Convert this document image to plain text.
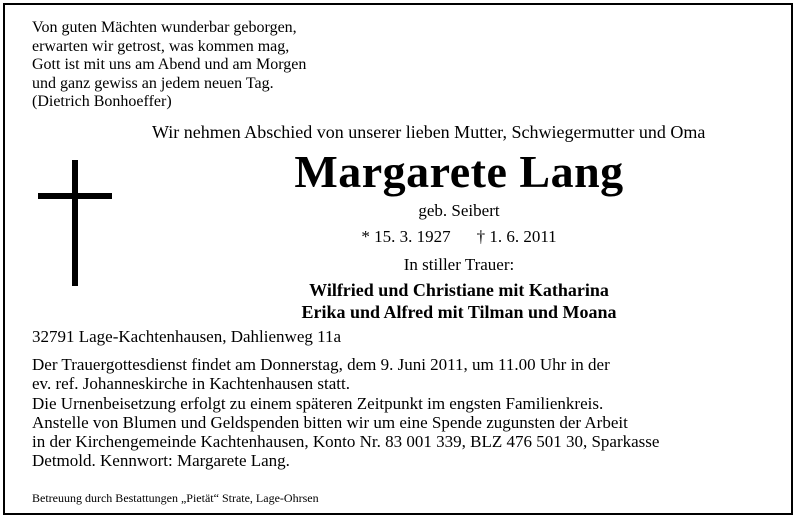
Von guten Mächten wunderbar geborgen,
erwarten wir getrost, was kommen mag,
Gott ist mit uns am Abend und am Morgen
und ganz gewiss an jedem neuen Tag.
(Dietrich Bonhoeffer)
Wir nehmen Abschied von unserer lieben Mutter, Schwiegermutter und Oma
Margarete Lang
geb. Seibert
* 15. 3. 1927 † 1. 6. 2011
In stiller Trauer:
Wilfried und Christiane mit Katharina
Erika und Alfred mit Tilman und Moana
32791 Lage-Kachtenhausen, Dahlienweg 11a
Der Trauergottesdienst findet am Donnerstag, dem 9. Juni 2011, um 11.00 Uhr in der
ev. ref. Johanneskirche in Kachtenhausen statt.
Die Urnenbeisetzung erfolgt zu einem späteren Zeitpunkt im engsten Familienkreis.
Anstelle von Blumen und Geldspenden bitten wir um eine Spende zugunsten der Arbeit
in der Kirchengemeinde Kachtenhausen, Konto Nr. 83 001 339, BLZ 476 501 30, Sparkasse
Detmold. Kennwort: Margarete Lang.
Betreuung durch Bestattungen „Pietät“ Strate, Lage-Ohrsen
